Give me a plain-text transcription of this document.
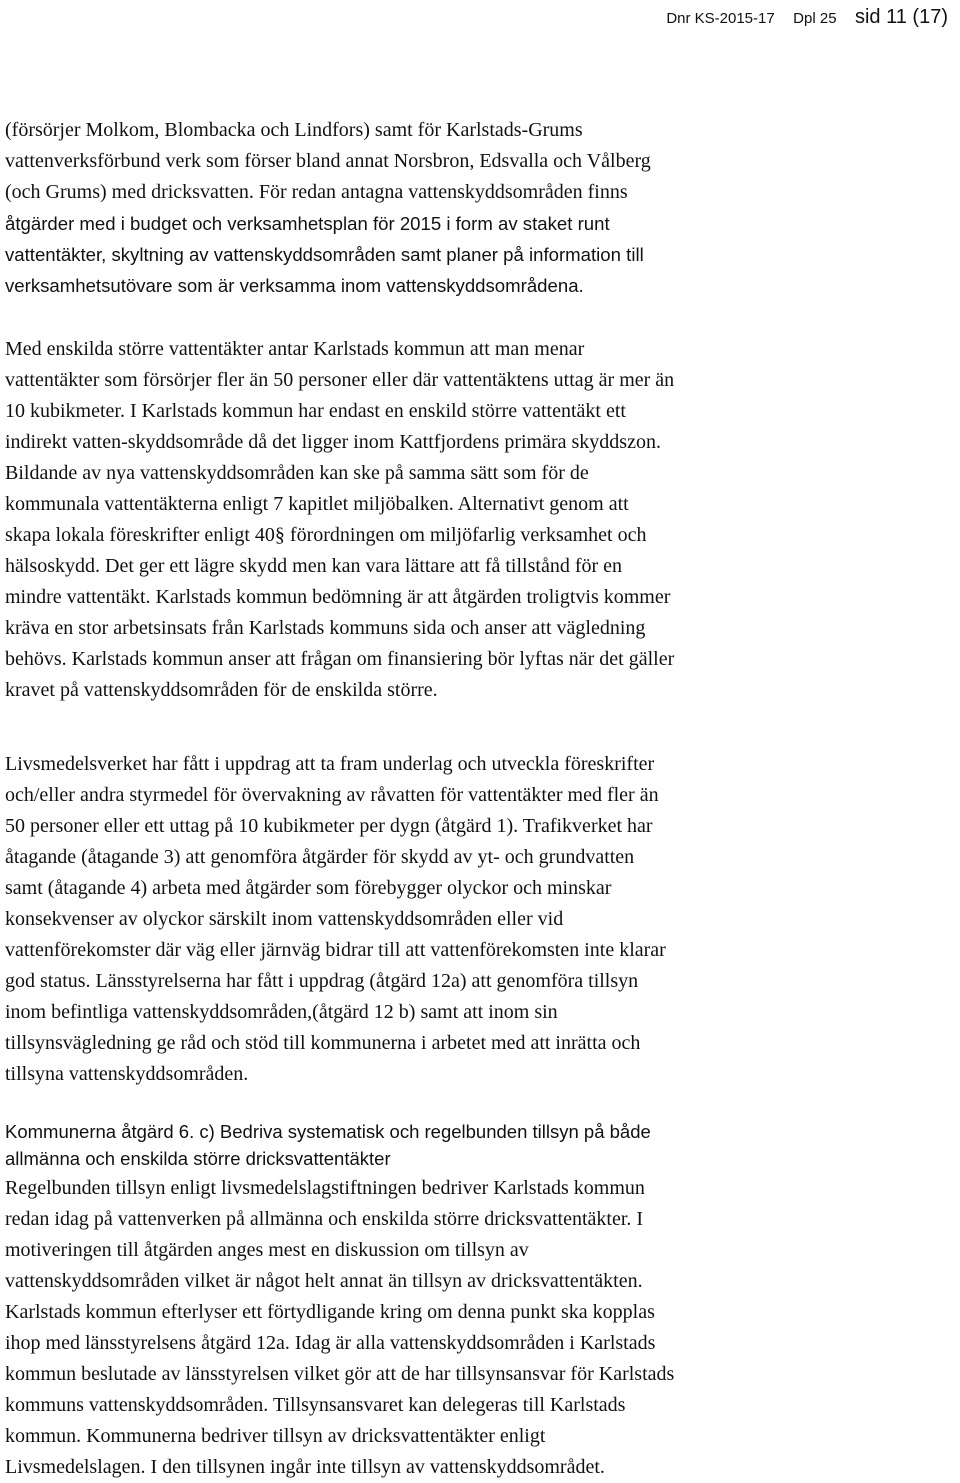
Dnr KS-2015-17 Dpl 25 sid 11 (17)
(försörjer Molkom, Blombacka och Lindfors) samt för Karlstads-Grums
vattenverksförbund verk som förser bland annat Norsbron, Edsvalla och Vålberg
(och Grums) med dricksvatten. För redan antagna vattenskyddsområden finns
åtgärder med i budget och verksamhetsplan för 2015 i form av staket runt
vattentäkter, skyltning av vattenskyddsområden samt planer på information till
verksamhetsutövare som är verksamma inom vattenskyddsområdena.
Med enskilda större vattentäkter antar Karlstads kommun att man menar
vattentäkter som försörjer fler än 50 personer eller där vattentäktens uttag är mer än
10 kubikmeter. I Karlstads kommun har endast en enskild större vattentäkt ett
indirekt vatten-skyddsområde då det ligger inom Kattfjordens primära skyddszon.
Bildande av nya vattenskyddsområden kan ske på samma sätt som för de
kommunala vattentäkterna enligt 7 kapitlet miljöbalken. Alternativt genom att
skapa lokala föreskrifter enligt 40§ förordningen om miljöfarlig verksamhet och
hälsoskydd. Det ger ett lägre skydd men kan vara lättare att få tillstånd för en
mindre vattentäkt. Karlstads kommun bedömning är att åtgärden troligtvis kommer
kräva en stor arbetsinsats från Karlstads kommuns sida och anser att vägledning
behövs. Karlstads kommun anser att frågan om finansiering bör lyftas när det gäller
kravet på vattenskyddsområden för de enskilda större.
Livsmedelsverket har fått i uppdrag att ta fram underlag och utveckla föreskrifter
och/eller andra styrmedel för övervakning av råvatten för vattentäkter med fler än
50 personer eller ett uttag på 10 kubikmeter per dygn (åtgärd 1). Trafikverket har
åtagande (åtagande 3) att genomföra åtgärder för skydd av yt- och grundvatten
samt (åtagande 4) arbeta med åtgärder som förebygger olyckor och minskar
konsekvenser av olyckor särskilt inom vattenskyddsområden eller vid
vattenförekomster där väg eller järnväg bidrar till att vattenförekomsten inte klarar
god status. Länsstyrelserna har fått i uppdrag (åtgärd 12a) att genomföra tillsyn
inom befintliga vattenskyddsområden,(åtgärd 12 b) samt att inom sin
tillsynsvägledning ge råd och stöd till kommunerna i arbetet med att inrätta och
tillsyna vattenskyddsområden.
Kommunerna åtgärd 6. c) Bedriva systematisk och regelbunden tillsyn på både
allmänna och enskilda större dricksvattentäkter
Regelbunden tillsyn enligt livsmedelslagstiftningen bedriver Karlstads kommun
redan idag på vattenverken på allmänna och enskilda större dricksvattentäkter. I
motiveringen till åtgärden anges mest en diskussion om tillsyn av
vattenskyddsområden vilket är något helt annat än tillsyn av dricksvattentäkten.
Karlstads kommun efterlyser ett förtydligande kring om denna punkt ska kopplas
ihop med länsstyrelsens åtgärd 12a. Idag är alla vattenskyddsområden i Karlstads
kommun beslutade av länsstyrelsen vilket gör att de har tillsynsansvar för Karlstads
kommuns vattenskyddsområden. Tillsynsansvaret kan delegeras till Karlstads
kommun. Kommunerna bedriver tillsyn av dricksvattentäkter enligt
Livsmedelslagen. I den tillsynen ingår inte tillsyn av vattenskyddsområdet.
